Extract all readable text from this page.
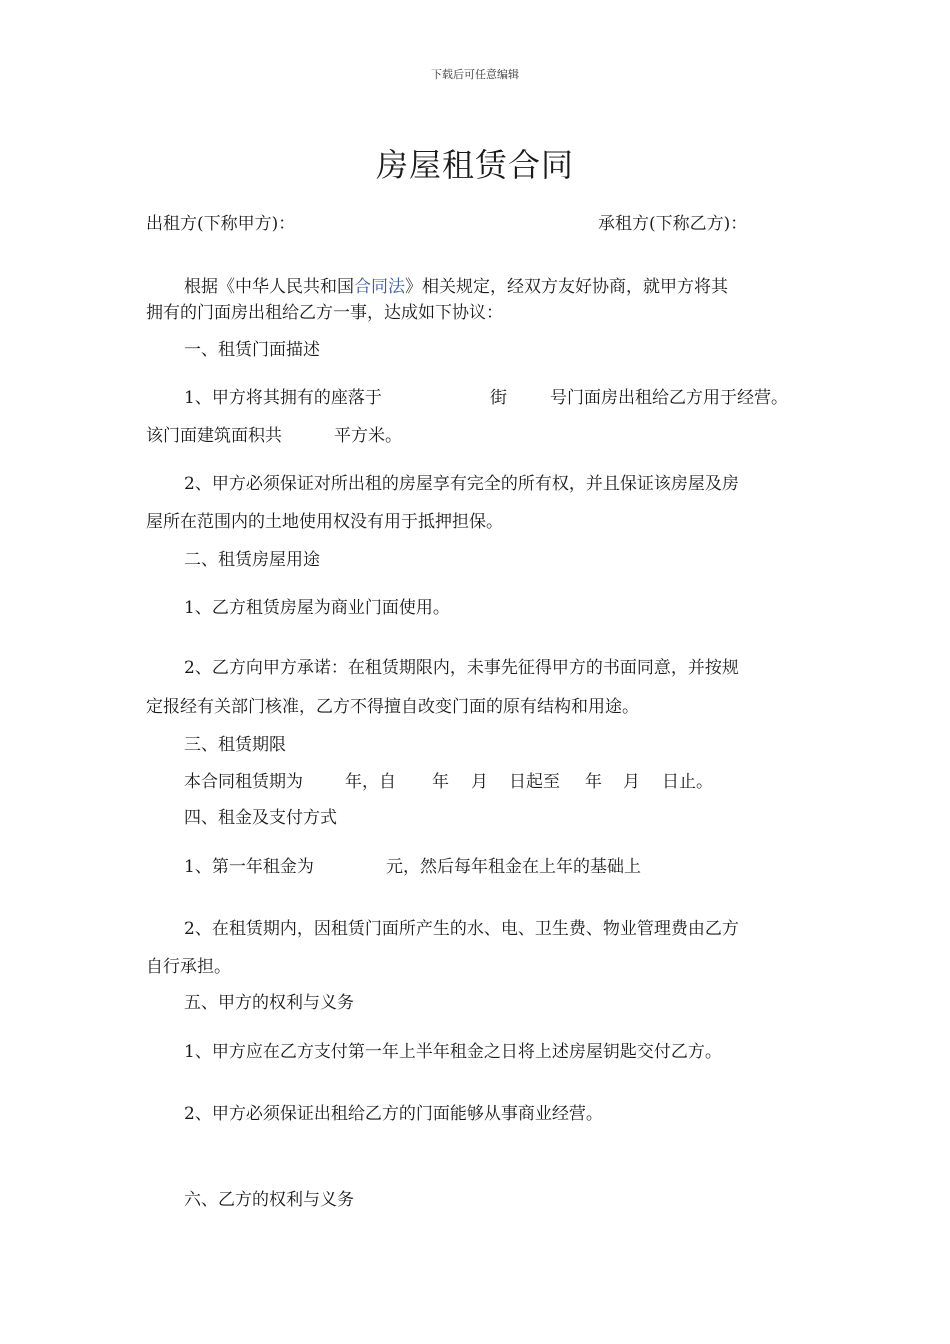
下载后可任意编辑
房屋租赁合同
出租方(下称甲方)：	承租方(下称乙方)：
根据《中华人民共和国合同法》相关规定，经双方友好协商，就甲方将其
拥有的门面房出租给乙方一事，达成如下协议：
一、租赁门面描述
1、甲方将其拥有的座落于	街	号门面房出租给乙方用于经营。
该门面建筑面积共	平方米。
2、甲方必须保证对所出租的房屋享有完全的所有权，并且保证该房屋及房
屋所在范围内的土地使用权没有用于抵押担保。
二、租赁房屋用途
1、乙方租赁房屋为商业门面使用。
2、乙方向甲方承诺：在租赁期限内，未事先征得甲方的书面同意，并按规
定报经有关部门核准，乙方不得擅自改变门面的原有结构和用途。
三、租赁期限
本合同租赁期为 年，自 年 月 日起至 年 月 日止。
四、租金及支付方式
1、第一年租金为	元，然后每年租金在上年的基础上
2、在租赁期内，因租赁门面所产生的水、电、卫生费、物业管理费由乙方
自行承担。
五、甲方的权利与义务
1、甲方应在乙方支付第一年上半年租金之日将上述房屋钥匙交付乙方。
2、甲方必须保证出租给乙方的门面能够从事商业经营。
六、乙方的权利与义务
